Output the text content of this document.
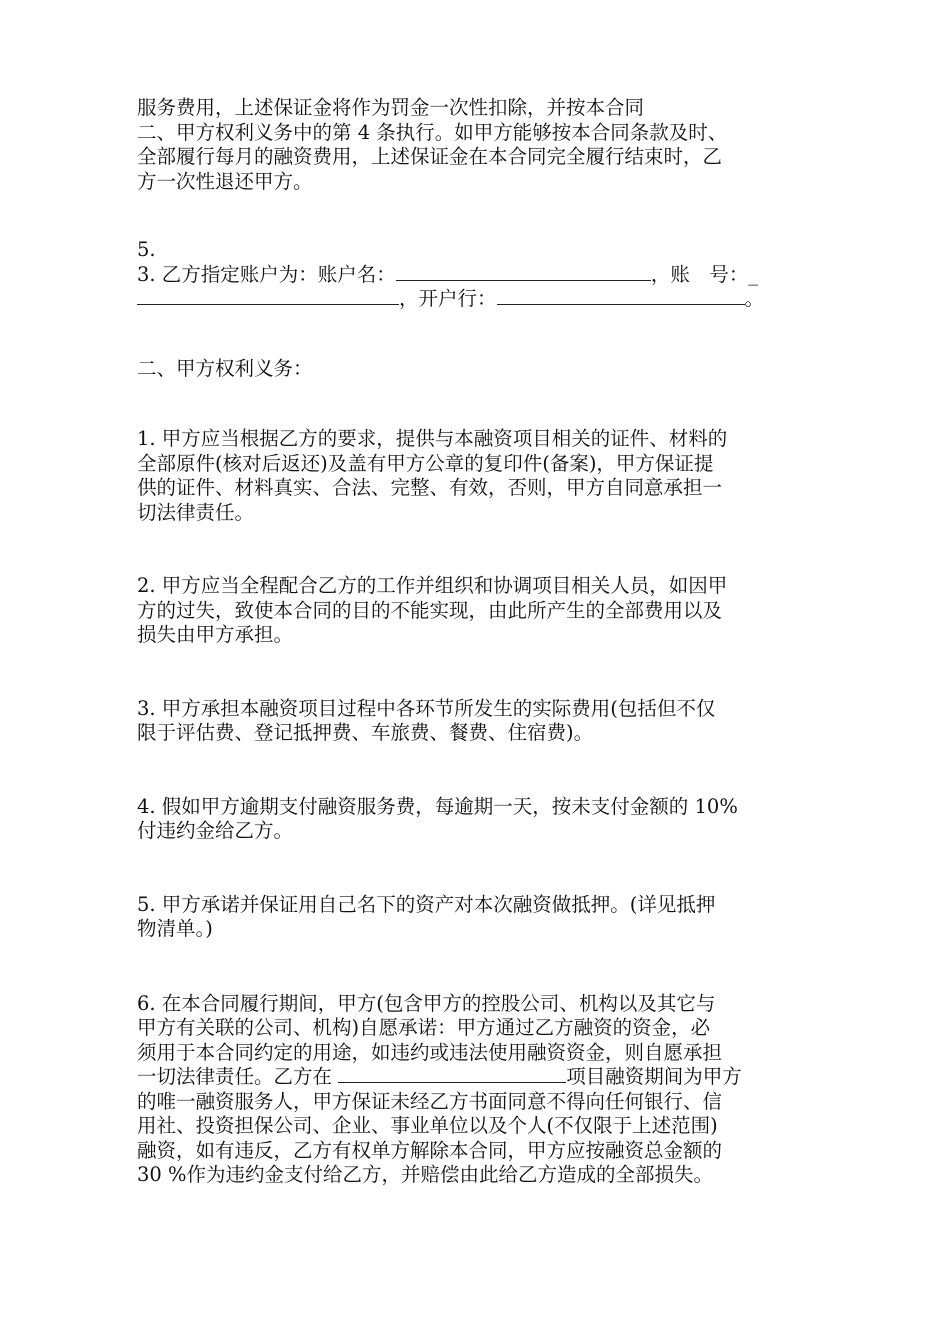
服务费用，上述保证金将作为罚金一次性扣除，并按本合同
二、甲方权利义务中的第 4 条执行。如甲方能够按本合同条款及时、
全部履行每月的融资费用，上述保证金在本合同完全履行结束时，乙
方一次性退还甲方。
5.
3. 乙方指定账户为：账户名：	，账　号：_
，开户行：	。
二、甲方权利义务：
1. 甲方应当根据乙方的要求，提供与本融资项目相关的证件、材料的
全部原件(核对后返还)及盖有甲方公章的复印件(备案)，甲方保证提
供的证件、材料真实、合法、完整、有效，否则，甲方自同意承担一
切法律责任。
2. 甲方应当全程配合乙方的工作并组织和协调项目相关人员，如因甲
方的过失，致使本合同的目的不能实现，由此所产生的全部费用以及
损失由甲方承担。
3. 甲方承担本融资项目过程中各环节所发生的实际费用(包括但不仅
限于评估费、登记抵押费、车旅费、餐费、住宿费)。
4. 假如甲方逾期支付融资服务费，每逾期一天，按未支付金额的 10%
付违约金给乙方。
5. 甲方承诺并保证用自己名下的资产对本次融资做抵押。(详见抵押
物清单。)
6. 在本合同履行期间，甲方(包含甲方的控股公司、机构以及其它与
甲方有关联的公司、机构)自愿承诺：甲方通过乙方融资的资金，必
须用于本合同约定的用途，如违约或违法使用融资资金，则自愿承担
一切法律责任。乙方在	项目融资期间为甲方
的唯一融资服务人，甲方保证未经乙方书面同意不得向任何银行、信
用社、投资担保公司、企业、事业单位以及个人(不仅限于上述范围)
融资，如有违反，乙方有权单方解除本合同，甲方应按融资总金额的
30 %作为违约金支付给乙方，并赔偿由此给乙方造成的全部损失。
